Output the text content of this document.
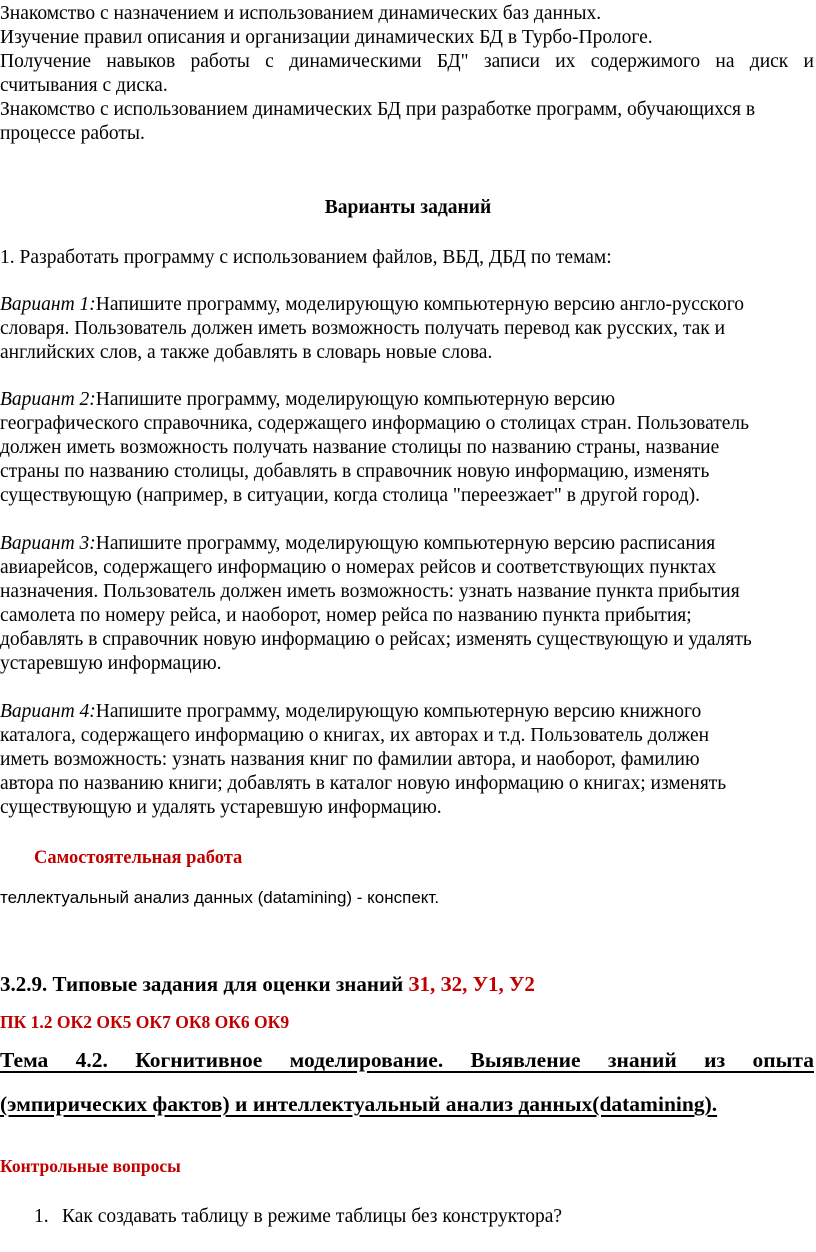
Знакомство с назначением и использованием динамических баз данных.
Изучение правил описания и организации динамических БД в Турбо-Прологе.
Получение навыков работы с динамическими БД" записи их содержимого на диск и
считывания с диска.
Знакомство с использованием динамических БД при разработке программ, обучающихся в
процессе работы.
Варианты заданий
1. Разработать программу с использованием файлов, ВБД, ДБД по темам:
Вариант 1:Напишите программу, моделирующую компьютерную версию англо-русского
словаря. Пользователь должен иметь возможность получать перевод как русских, так и
английских слов, а также добавлять в словарь новые слова.
Вариант 2:Напишите программу, моделирующую компьютерную версию
географического справочника, содержащего информацию о столицах стран. Пользователь
должен иметь возможность получать название столицы по названию страны, название
страны по названию столицы, добавлять в справочник новую информацию, изменять
существующую (например, в ситуации, когда столица "переезжает" в другой город).
Вариант 3:Напишите программу, моделирующую компьютерную версию расписания
авиарейсов, содержащего информацию о номерах рейсов и соответствующих пунктах
назначения. Пользователь должен иметь возможность: узнать название пункта прибытия
самолета по номеру рейса, и наоборот, номер рейса по названию пункта прибытия;
добавлять в справочник новую информацию о рейсах; изменять существующую и удалять
устаревшую информацию.
Вариант 4:Напишите программу, моделирующую компьютерную версию книжного
каталога, содержащего информацию о книгах, их авторах и т.д. Пользователь должен
иметь возможность: узнать названия книг по фамилии автора, и наоборот, фамилию
автора по названию книги; добавлять в каталог новую информацию о книгах; изменять
существующую и удалять устаревшую информацию.
Самостоятельная работа
теллектуальный анализ данных (datamining) - конспект.
3.2.9. Типовые задания для оценки знаний З1, З2, У1, У2
ПК 1.2 ОК2 ОК5 ОК7 ОК8 ОК6 ОК9
Тема 4.2. Когнитивное моделирование. Выявление знаний из опыта
(эмпирических фактов) и интеллектуальный анализ данных(datamining).
Контрольные вопросы
1. Как создавать таблицу в режиме таблицы без конструктора?
